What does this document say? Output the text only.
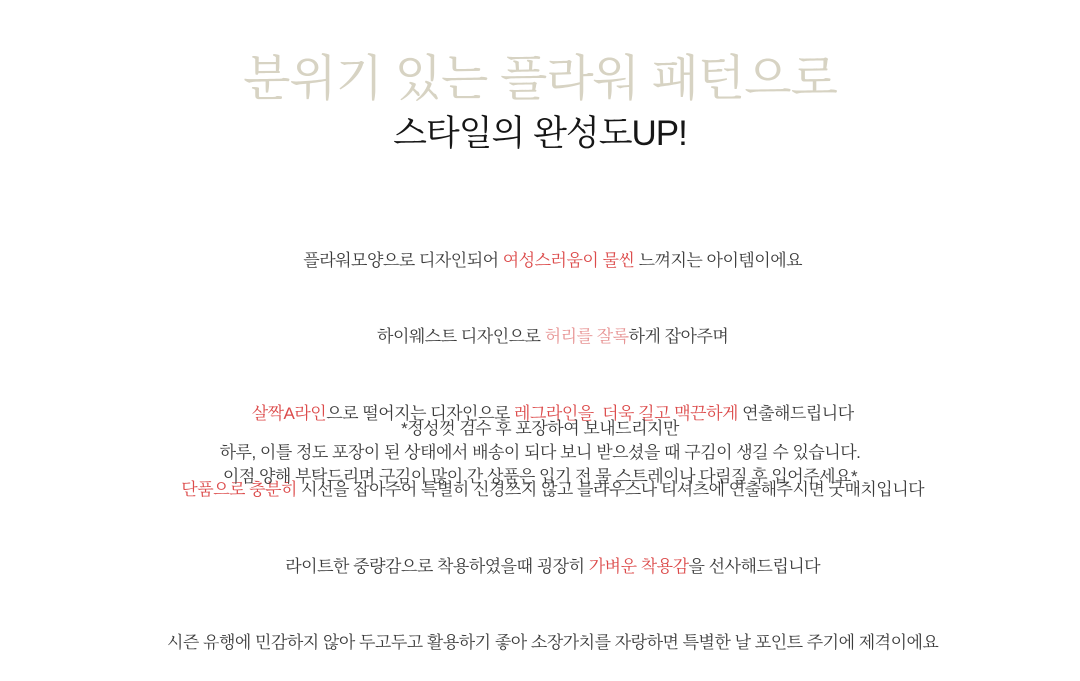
분위기 있는 플라워 패턴으로
스타일의 완성도UP!

플라워모양으로 디자인되어 여성스러움이 물씬 느껴지는 아이템이에요

하이웨스트 디자인으로 허리를 잘록하게 잡아주며

살짝A라인으로 떨어지는 디자인으로 레그라인을  더욱 길고 맥끈하게 연출해드립니다

단품으로 충분히 시선을 잡아주어 특별히 신경쓰지 않고 블라우스나 티셔츠에 연출해주시면 굿매치입니다

라이트한 중량감으로 착용하였을때 굉장히 가벼운 착용감을 선사해드립니다

시즌 유행에 민감하지 않아 두고두고 활용하기 좋아 소장가치를 자랑하면 특별한 날 포인트 주기에 제격이에요

*정성껏 검수 후 포장하여 보내드리지만

하루, 이틀 정도 포장이 된 상태에서 배송이 되다 보니 받으셨을 때 구김이 생길 수 있습니다.

이점 양해 부탁드리며 구김이 많이 간 상품은 입기 전 물 스트레이나 다림질 후 입어주세요*
